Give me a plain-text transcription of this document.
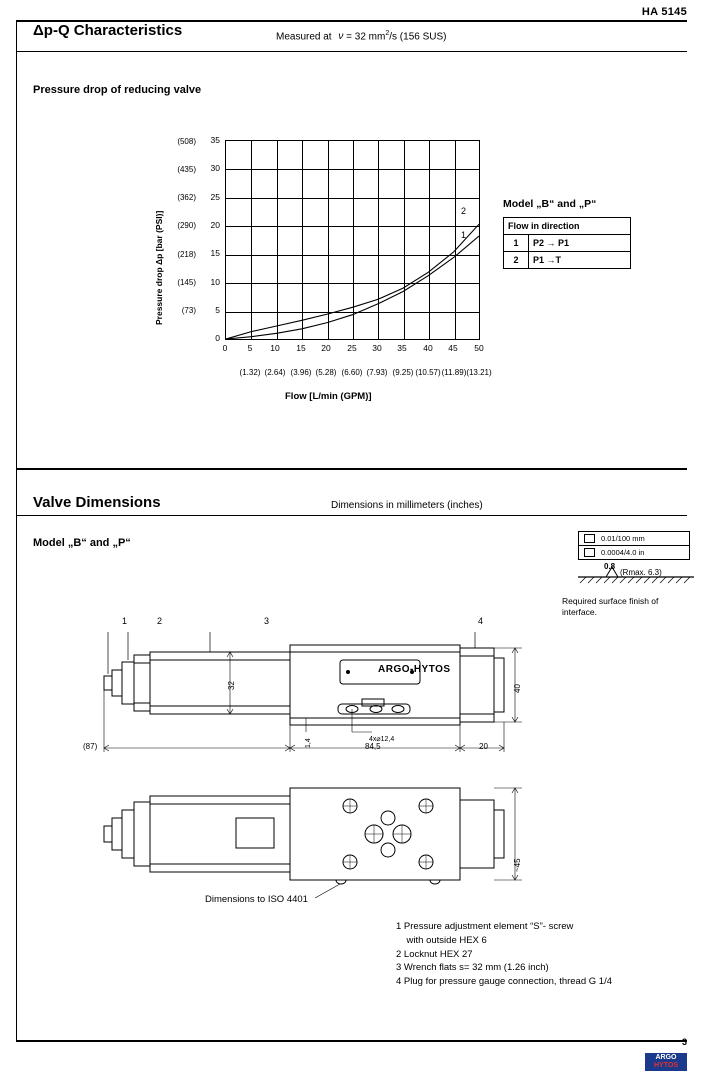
HA 5145
Δp-Q Characteristics	Measured at ν = 32 $mm^2/s$ (156 SUS)
Pressure drop of reducing valve
Pressure drop Δp [bar (PSI)]
(508)
(435)
(362)
(290)
(218)
(145)
(73)
35
30
25
20
15
10
5
0
2
1
0	5	10	15	20	25	30	35	40	45	50
(1.32) (2.64) (3.96) (5.28) (6.60) (7.93) (9.25) (10.57) (11.89) (13.21)
Flow [L/min (GPM)]
Model „B“ and „P“
Flow in direction	
1	P2 → P1
2	P1 →T
Valve Dimensions	Dimensions in millimeters (inches)
Model „B“ and „P“	0.01/100 mm
0.0004/4.0 in
0.8
(Rmax. 6.3)
Required surface finish of interface.
1	2	3	4
ARGO-HYTOS
32	40
1,4	4x⌀12,4
(87)	84,5	20
~45
Dimensions to ISO 4401
1 Pressure adjustment element “S”- screw
with outside HEX 6
2 Locknut HEX 27
3 Wrench flats s= 32 mm (1.26 inch)
4 Plug for pressure gauge connection, thread G 1/4
ARGO
HYTOS
3
